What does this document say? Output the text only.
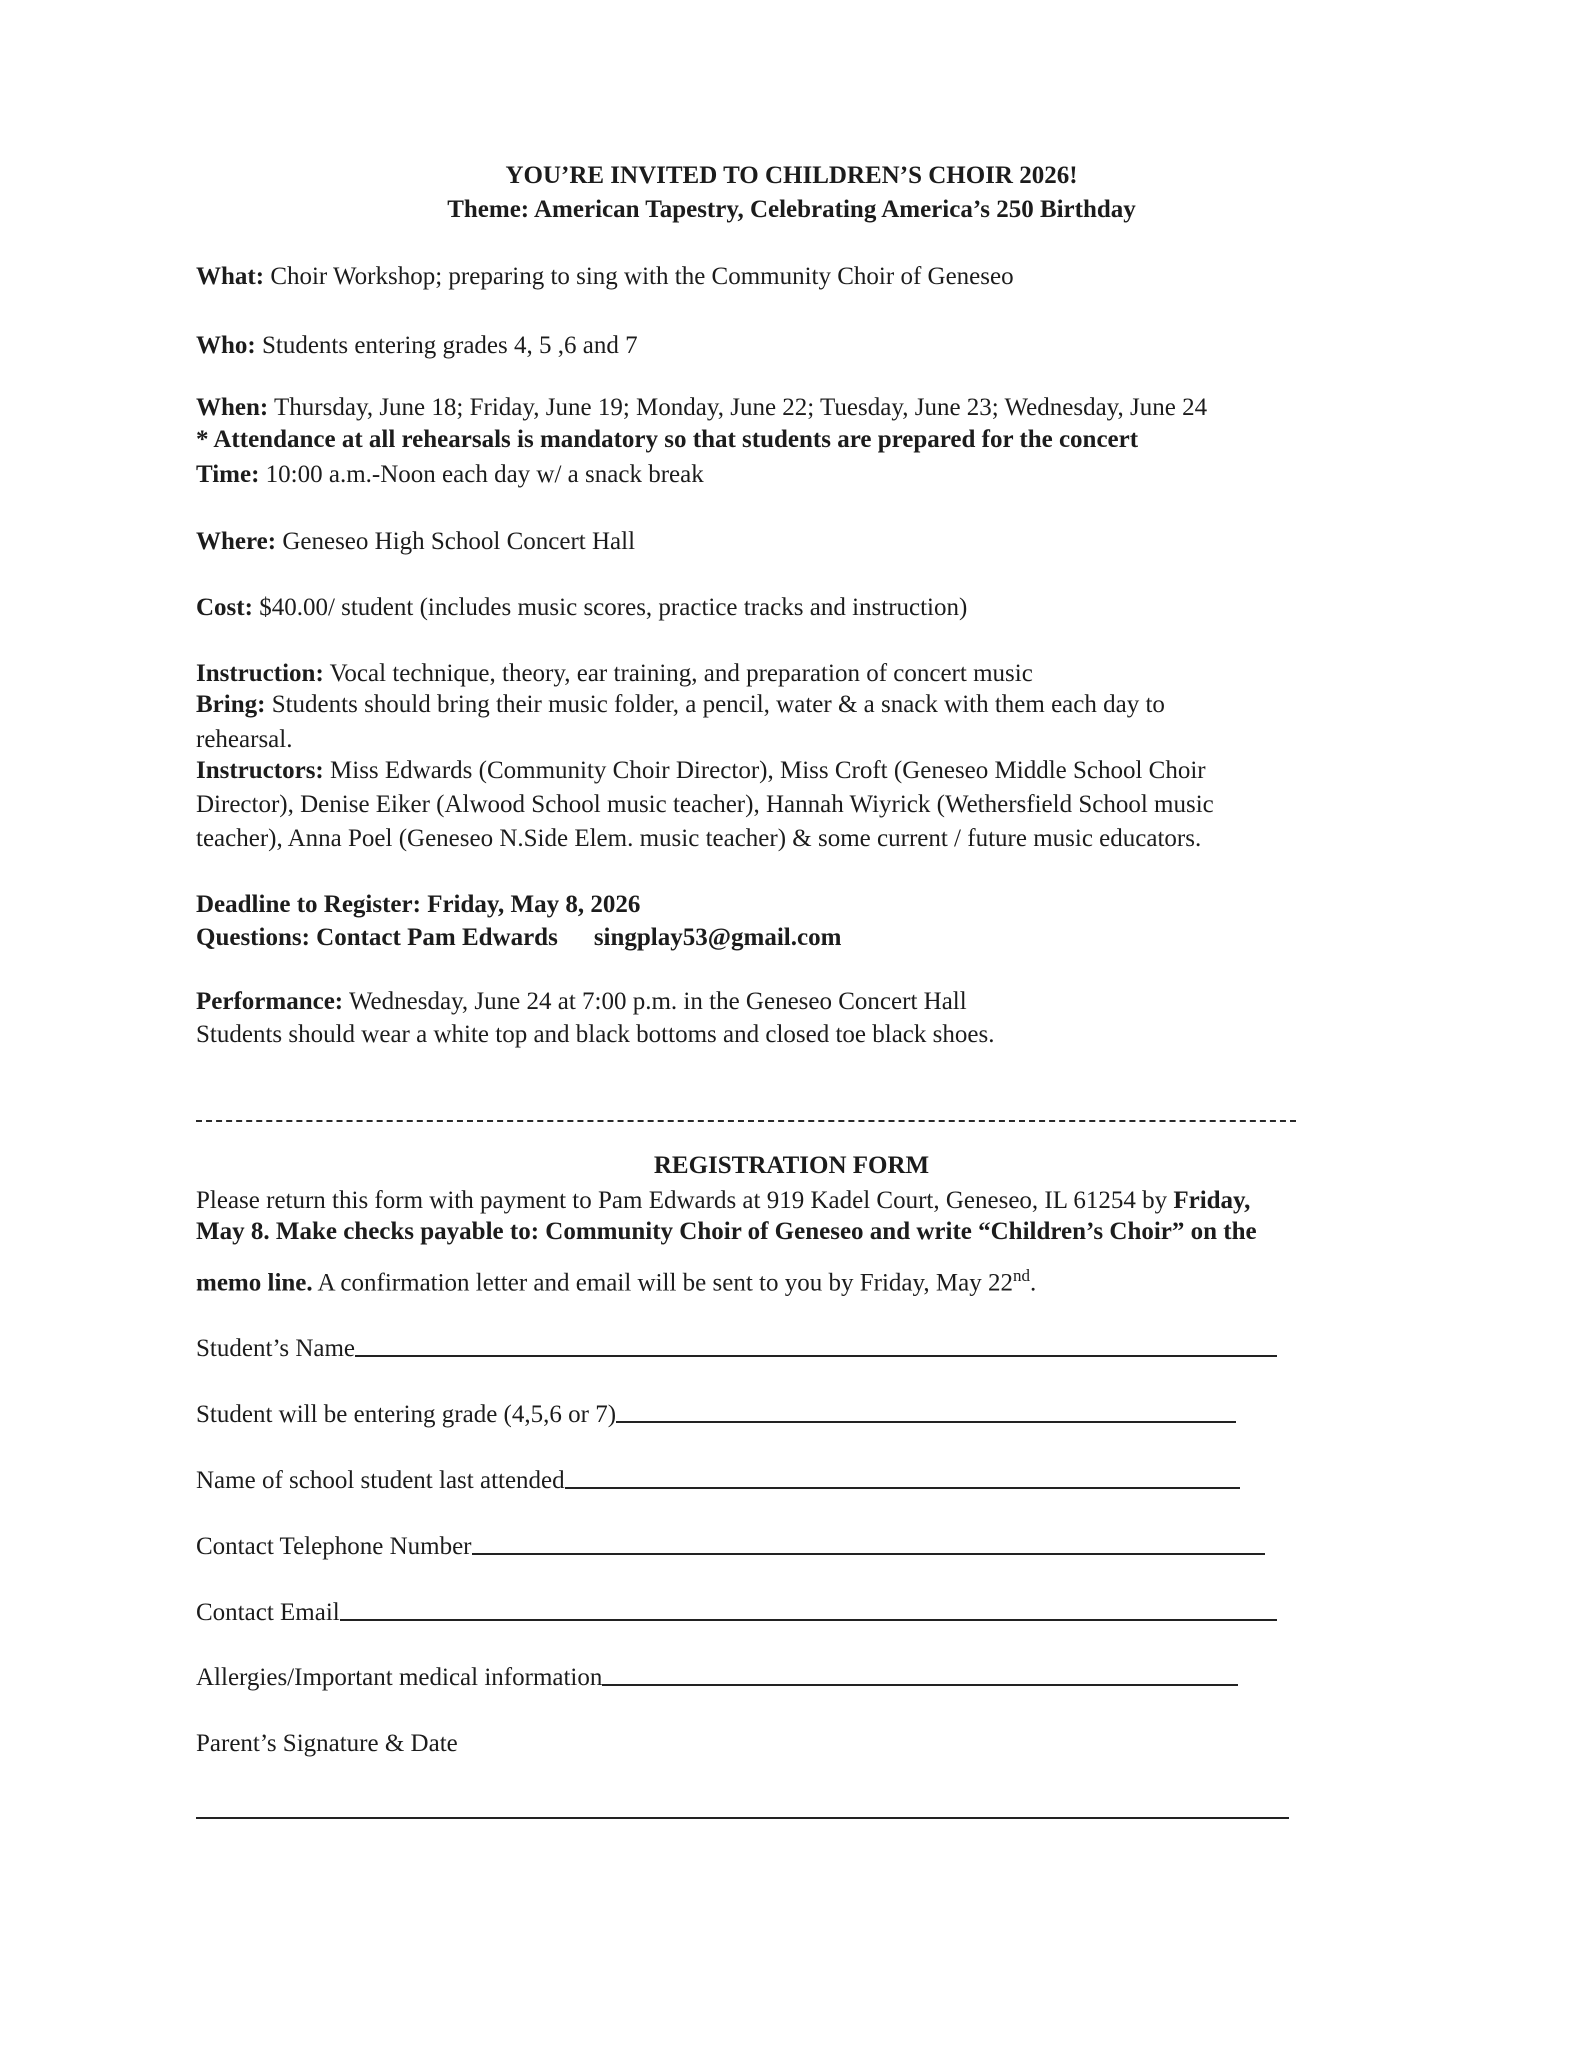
YOU’RE INVITED TO CHILDREN’S CHOIR 2026!
Theme: American Tapestry, Celebrating America’s 250 Birthday
What: Choir Workshop; preparing to sing with the Community Choir of Geneseo
Who: Students entering grades 4, 5 ,6 and 7
When: Thursday, June 18; Friday, June 19; Monday, June 22; Tuesday, June 23; Wednesday, June 24
* Attendance at all rehearsals is mandatory so that students are prepared for the concert
Time: 10:00 a.m.-Noon each day w/ a snack break
Where: Geneseo High School Concert Hall
Cost: $40.00/ student (includes music scores, practice tracks and instruction)
Instruction: Vocal technique, theory, ear training, and preparation of concert music
Bring: Students should bring their music folder, a pencil, water & a snack with them each day to
rehearsal.
Instructors: Miss Edwards (Community Choir Director), Miss Croft (Geneseo Middle School Choir
Director), Denise Eiker (Alwood School music teacher), Hannah Wiyrick (Wethersfield School music
teacher), Anna Poel (Geneseo N.Side Elem. music teacher) & some current / future music educators.
Deadline to Register: Friday, May 8, 2026
Questions: Contact Pam Edwards singplay53@gmail.com
Performance: Wednesday, June 24 at 7:00 p.m. in the Geneseo Concert Hall
Students should wear a white top and black bottoms and closed toe black shoes.
REGISTRATION FORM
Please return this form with payment to Pam Edwards at 919 Kadel Court, Geneseo, IL 61254 by Friday,
May 8. Make checks payable to: Community Choir of Geneseo and write “Children’s Choir” on the
memo line. A confirmation letter and email will be sent to you by Friday, May 22nd.
Student’s Name
Student will be entering grade (4,5,6 or 7)
Name of school student last attended
Contact Telephone Number
Contact Email
Allergies/Important medical information
Parent’s Signature & Date
